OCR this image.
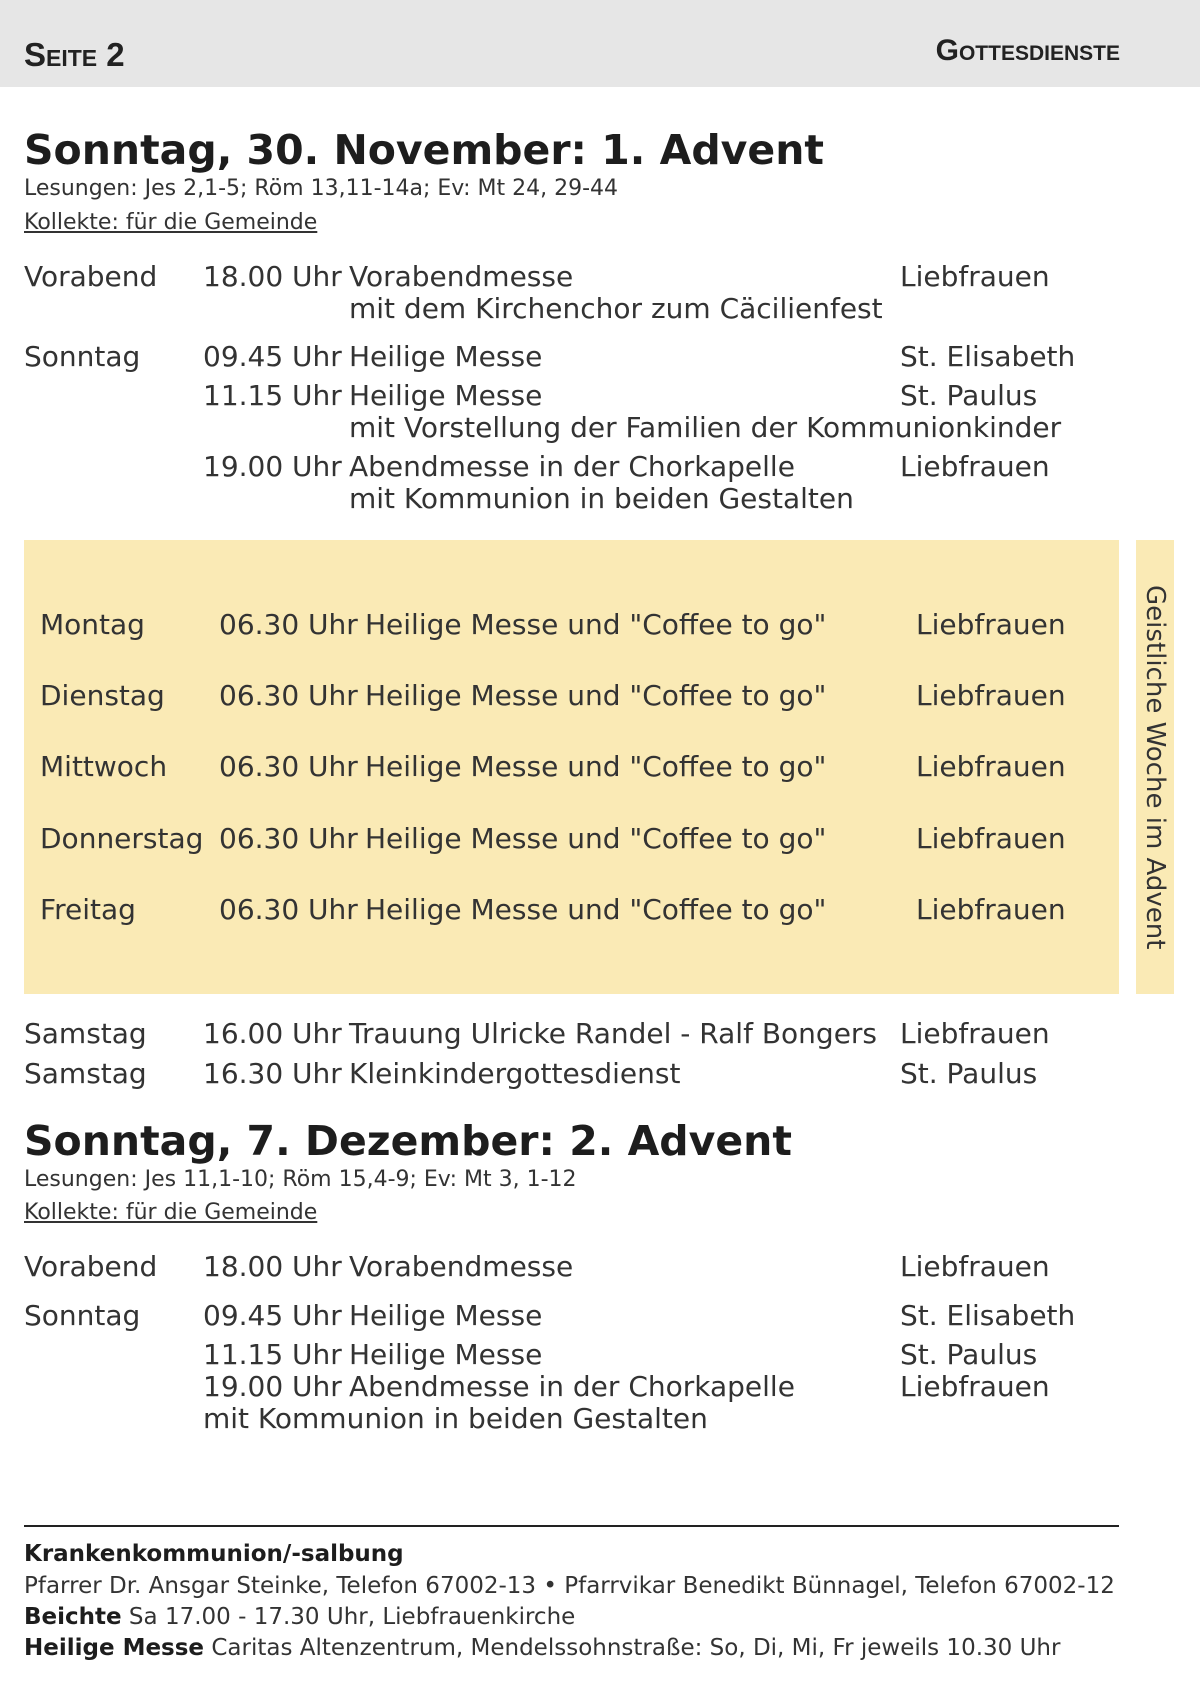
Seite 2	Gottesdienste
Sonntag, 30. November: 1. Advent
Lesungen: Jes 2,1-5; Röm 13,11-14a; Ev: Mt 24, 29-44
Kollekte: für die Gemeinde
Vorabend 18.00 Uhr Vorabendmesse	Liebfrauen
mit dem Kirchenchor zum Cäcilienfest
Sonntag 09.45 Uhr Heilige Messe	St. Elisabeth
11.15 Uhr Heilige Messe	St. Paulus
mit Vorstellung der Familien der Kommunionkinder
19.00 Uhr Abendmesse in der Chorkapelle	Liebfrauen
mit Kommunion in beiden Gestalten
Montag	06.30 Uhr Heilige Messe und "Coffee to go"	Liebfrauen
Dienstag 06.30 Uhr Heilige Messe und "Coffee to go"	Liebfrauen
Mittwoch 06.30 Uhr Heilige Messe und "Coffee to go"	Liebfrauen
Donnerstag 06.30 Uhr Heilige Messe und "Coffee to go"	Liebfrauen
Freitag	06.30 Uhr Heilige Messe und "Coffee to go"	Liebfrauen	Geistliche Woche im Advent
Samstag 16.00 Uhr Trauung Ulricke Randel - Ralf Bongers Liebfrauen
Samstag 16.30 Uhr Kleinkindergottesdienst	St. Paulus
Sonntag, 7. Dezember: 2. Advent
Lesungen: Jes 11,1-10; Röm 15,4-9; Ev: Mt 3, 1-12
Kollekte: für die Gemeinde
Vorabend 18.00 Uhr Vorabendmesse	Liebfrauen
Sonntag 09.45 Uhr Heilige Messe	St. Elisabeth
11.15 Uhr Heilige Messe	St. Paulus
19.00 Uhr Abendmesse in der Chorkapelle	Liebfrauen
mit Kommunion in beiden Gestalten
Krankenkommunion/-salbung
Pfarrer Dr. Ansgar Steinke, Telefon 67002-13 • Pfarrvikar Benedikt Bünnagel, Telefon 67002-12
Beichte Sa 17.00 - 17.30 Uhr, Liebfrauenkirche
Heilige Messe Caritas Altenzentrum, Mendelssohnstraße: So, Di, Mi, Fr jeweils 10.30 Uhr
